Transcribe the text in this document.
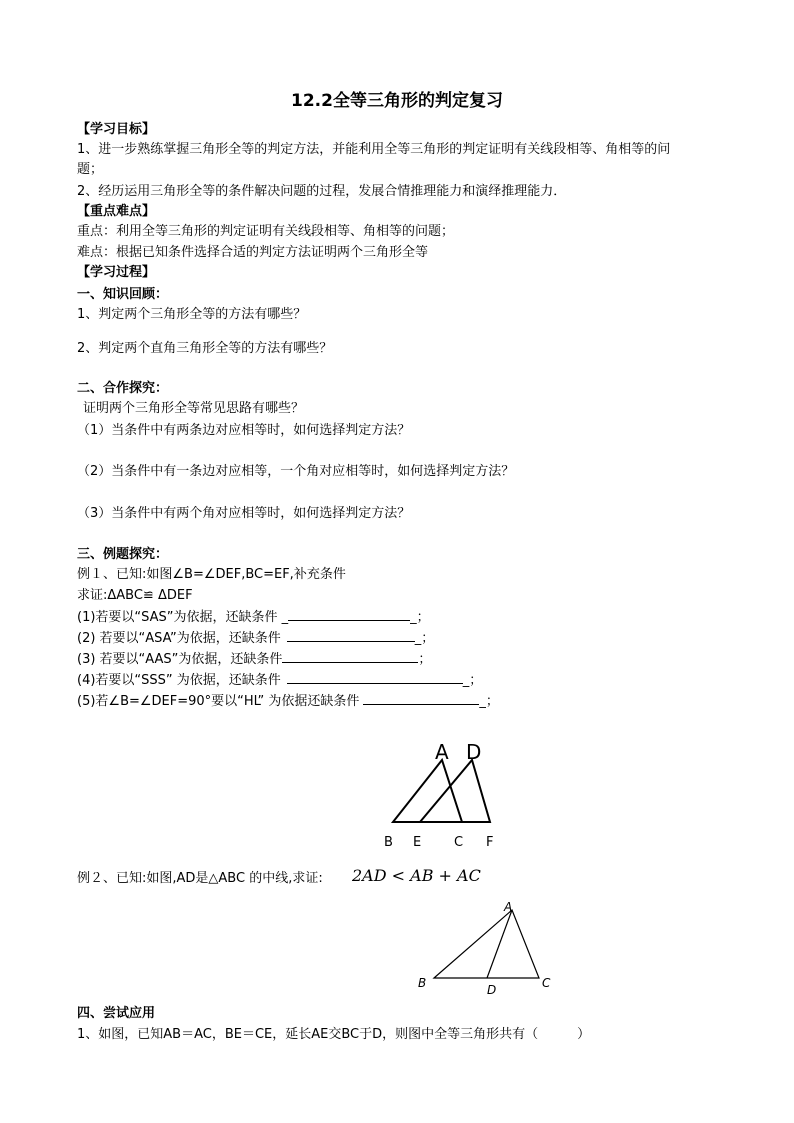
12.2全等三角形的判定复习
【学习目标】
1、进一步熟练掌握三角形全等的判定方法，并能利用全等三角形的判定证明有关线段相等、角相等的问
题；
2、经历运用三角形全等的条件解决问题的过程，发展合情推理能力和演绎推理能力．
【重点难点】
重点：利用全等三角形的判定证明有关线段相等、角相等的问题；
难点：根据已知条件选择合适的判定方法证明两个三角形全等
【学习过程】
一、知识回顾：
1、判定两个三角形全等的方法有哪些？
2、判定两个直角三角形全等的方法有哪些？
二、合作探究：
证明两个三角形全等常见思路有哪些？
（1）当条件中有两条边对应相等时，如何选择判定方法？
（2）当条件中有一条边对应相等，一个角对应相等时，如何选择判定方法？
（3）当条件中有两个角对应相等时，如何选择判定方法？
三、例题探究：
例１、已知:如图∠B=∠DEF,BC=EF,补充条件
求证:ΔABC≌ ΔDEF
(1)若要以“SAS”为依据，还缺条件 _	_；
(2) 若要以“ASA”为依据，还缺条件	_；
(3) 若要以“AAS”为依据，还缺条件	；
(4)若要以“SSS” 为依据，还缺条件	_；
(5)若∠B=∠DEF=90°要以“HL” 为依据还缺条件	_；
A D
B E	C F
例２、已知:如图,AD是△ABC 的中线,求证: 2AD < AB + AC
A
B	C
D
四、尝试应用
1、如图，已知AB＝AC，BE＝CE，延长AE交BC于D，则图中全等三角形共有（　　　）
